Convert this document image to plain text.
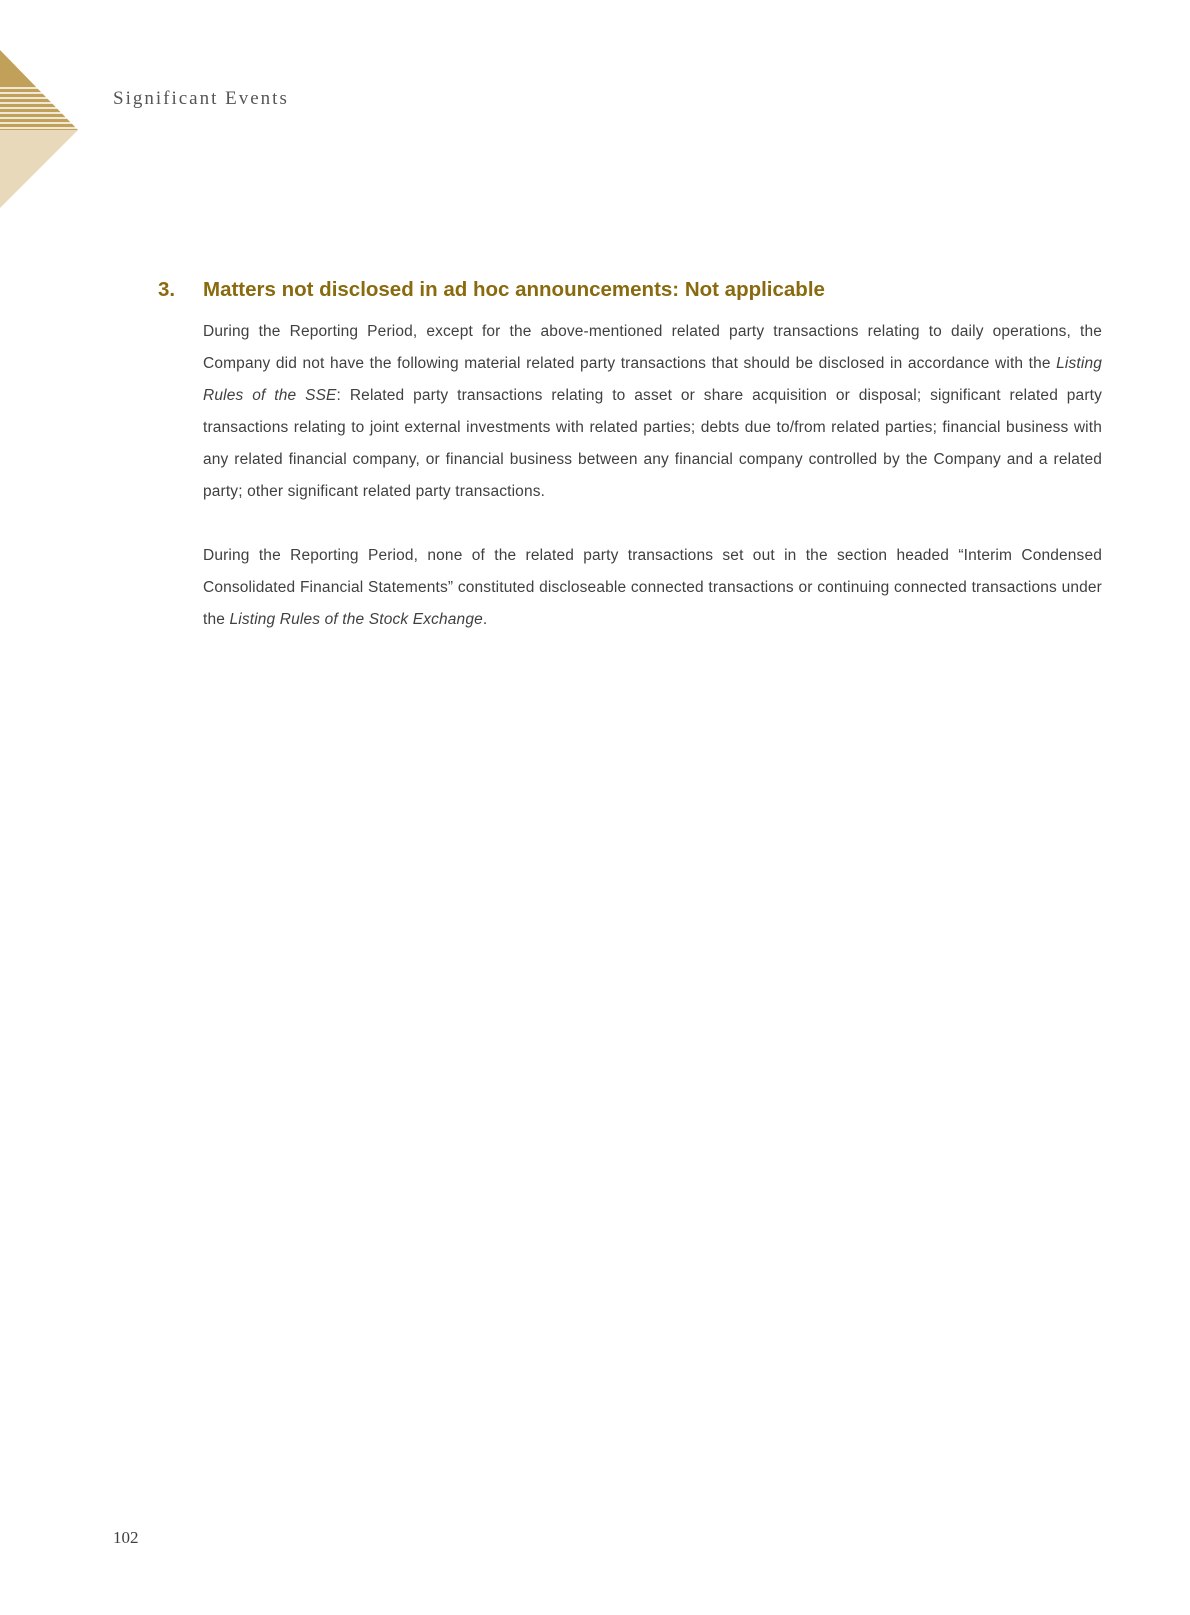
Significant Events
3.	Matters not disclosed in ad hoc announcements: Not applicable

During the Reporting Period, except for the above-mentioned related party transactions relating to daily operations, the Company did not have the following material related party transactions that should be disclosed in accordance with the Listing Rules of the SSE: Related party transactions relating to asset or share acquisition or disposal; significant related party transactions relating to joint external investments with related parties; debts due to/from related parties; financial business with any related financial company, or financial business between any financial company controlled by the Company and a related party; other significant related party transactions.

During the Reporting Period, none of the related party transactions set out in the section headed “Interim Condensed Consolidated Financial Statements” constituted discloseable connected transactions or continuing connected transactions under the Listing Rules of the Stock Exchange.

102
